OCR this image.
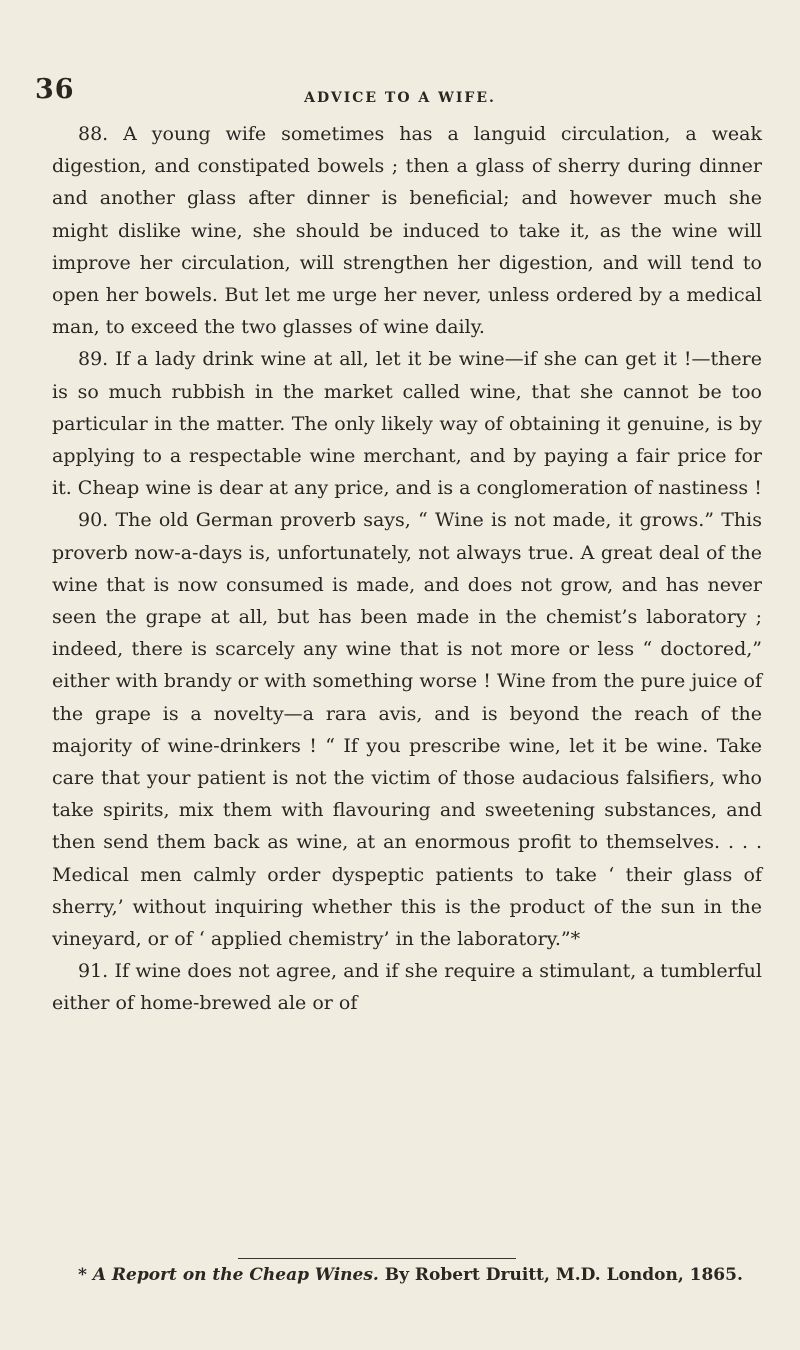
36	ADVICE TO A WIFE.

88. A young wife sometimes has a languid circulation, a weak digestion, and constipated bowels ; then a glass of sherry during dinner and another glass after dinner is beneficial; and however much she might dislike wine, she should be induced to take it, as the wine will improve her circulation, will strengthen her digestion, and will tend to open her bowels. But let me urge her never, unless ordered by a medical man, to exceed the two glasses of wine daily.

89. If a lady drink wine at all, let it be wine—if she can get it !—there is so much rubbish in the market called wine, that she cannot be too particular in the matter. The only likely way of obtaining it genuine, is by applying to a respectable wine merchant, and by paying a fair price for it. Cheap wine is dear at any price, and is a conglomeration of nastiness !

90. The old German proverb says, “ Wine is not made, it grows.” This proverb now-a-days is, unfortunately, not always true. A great deal of the wine that is now consumed is made, and does not grow, and has never seen the grape at all, but has been made in the chemist’s laboratory ; indeed, there is scarcely any wine that is not more or less “ doctored,” either with brandy or with something worse ! Wine from the pure juice of the grape is a novelty—a rara avis, and is beyond the reach of the majority of wine-drinkers ! “ If you prescribe wine, let it be wine. Take care that your patient is not the victim of those audacious falsifiers, who take spirits, mix them with flavouring and sweetening substances, and then send them back as wine, at an enormous profit to themselves. . . . Medical men calmly order dyspeptic patients to take ‘ their glass of sherry,’ without inquiring whether this is the product of the sun in the vineyard, or of ‘ applied chemistry’ in the laboratory.”*

91. If wine does not agree, and if she require a stimulant, a tumblerful either of home-brewed ale or of

* A Report on the Cheap Wines. By Robert Druitt, M.D. London, 1865.
